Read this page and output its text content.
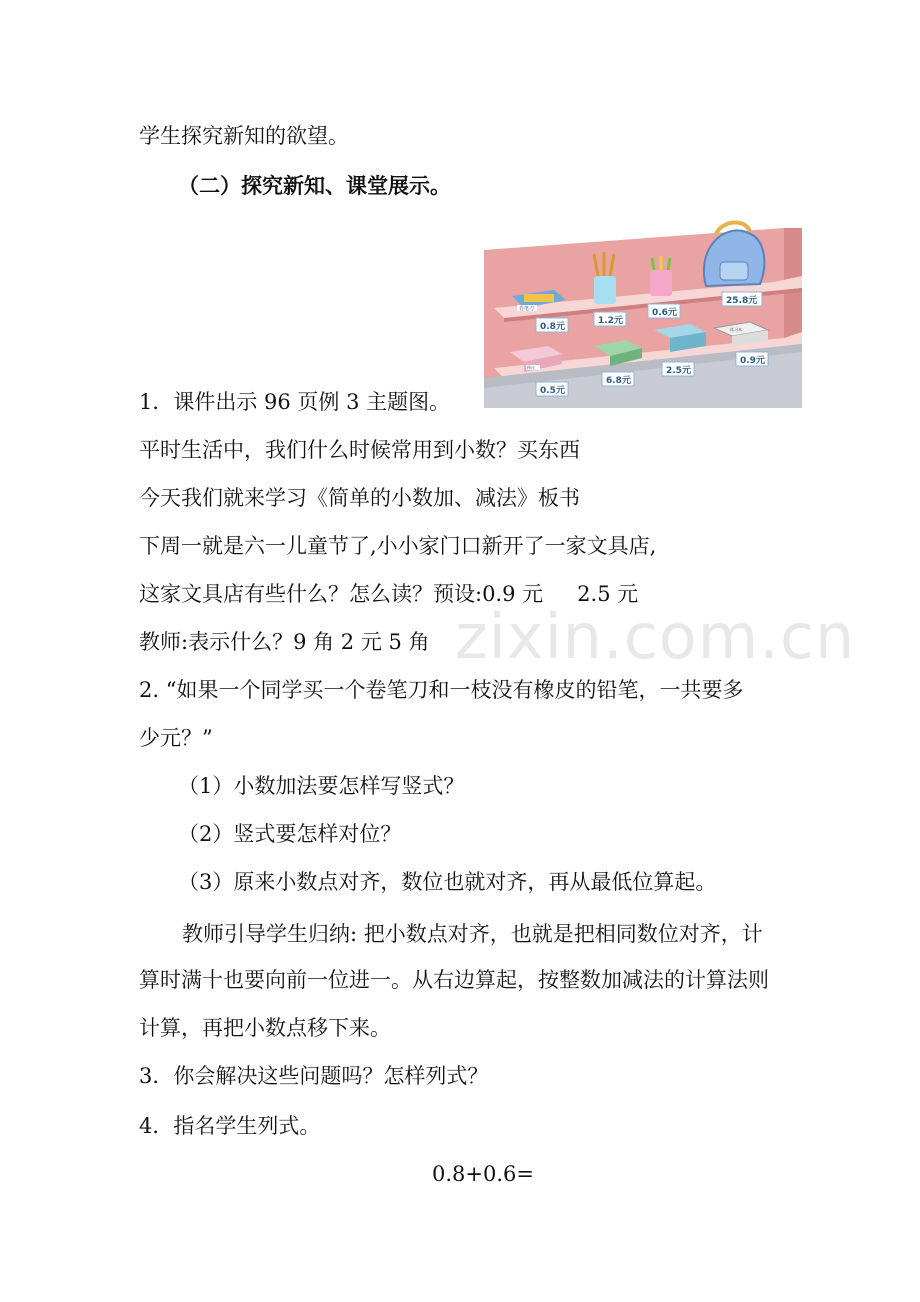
zixin.com.cn
学生探究新知的欲望。
（二）探究新知、课堂展示。
卷笔刀
橡皮
练习本
0.8元
1.2元
0.6元
25.8元
0.5元
6.8元
2.5元
0.9元
1．课件出示 96 页例 3 主题图。
平时生活中，我们什么时候常用到小数？买东西
今天我们就来学习《简单的小数加、减法》板书
下周一就是六一儿童节了,小小家门口新开了一家文具店,
这家文具店有些什么？怎么读？预设:0.9 元 2.5 元
教师:表示什么？9 角 2 元 5 角
2. “如果一个同学买一个卷笔刀和一枝没有橡皮的铅笔，一共要多
少元？”
（1）小数加法要怎样写竖式？
（2）竖式要怎样对位？
（3）原来小数点对齐，数位也就对齐，再从最低位算起。
教师引导学生归纳: 把小数点对齐，也就是把相同数位对齐，计
算时满十也要向前一位进一。从右边算起，按整数加减法的计算法则
计算，再把小数点移下来。
3．你会解决这些问题吗？怎样列式？
4．指名学生列式。
0.8+0.6=
